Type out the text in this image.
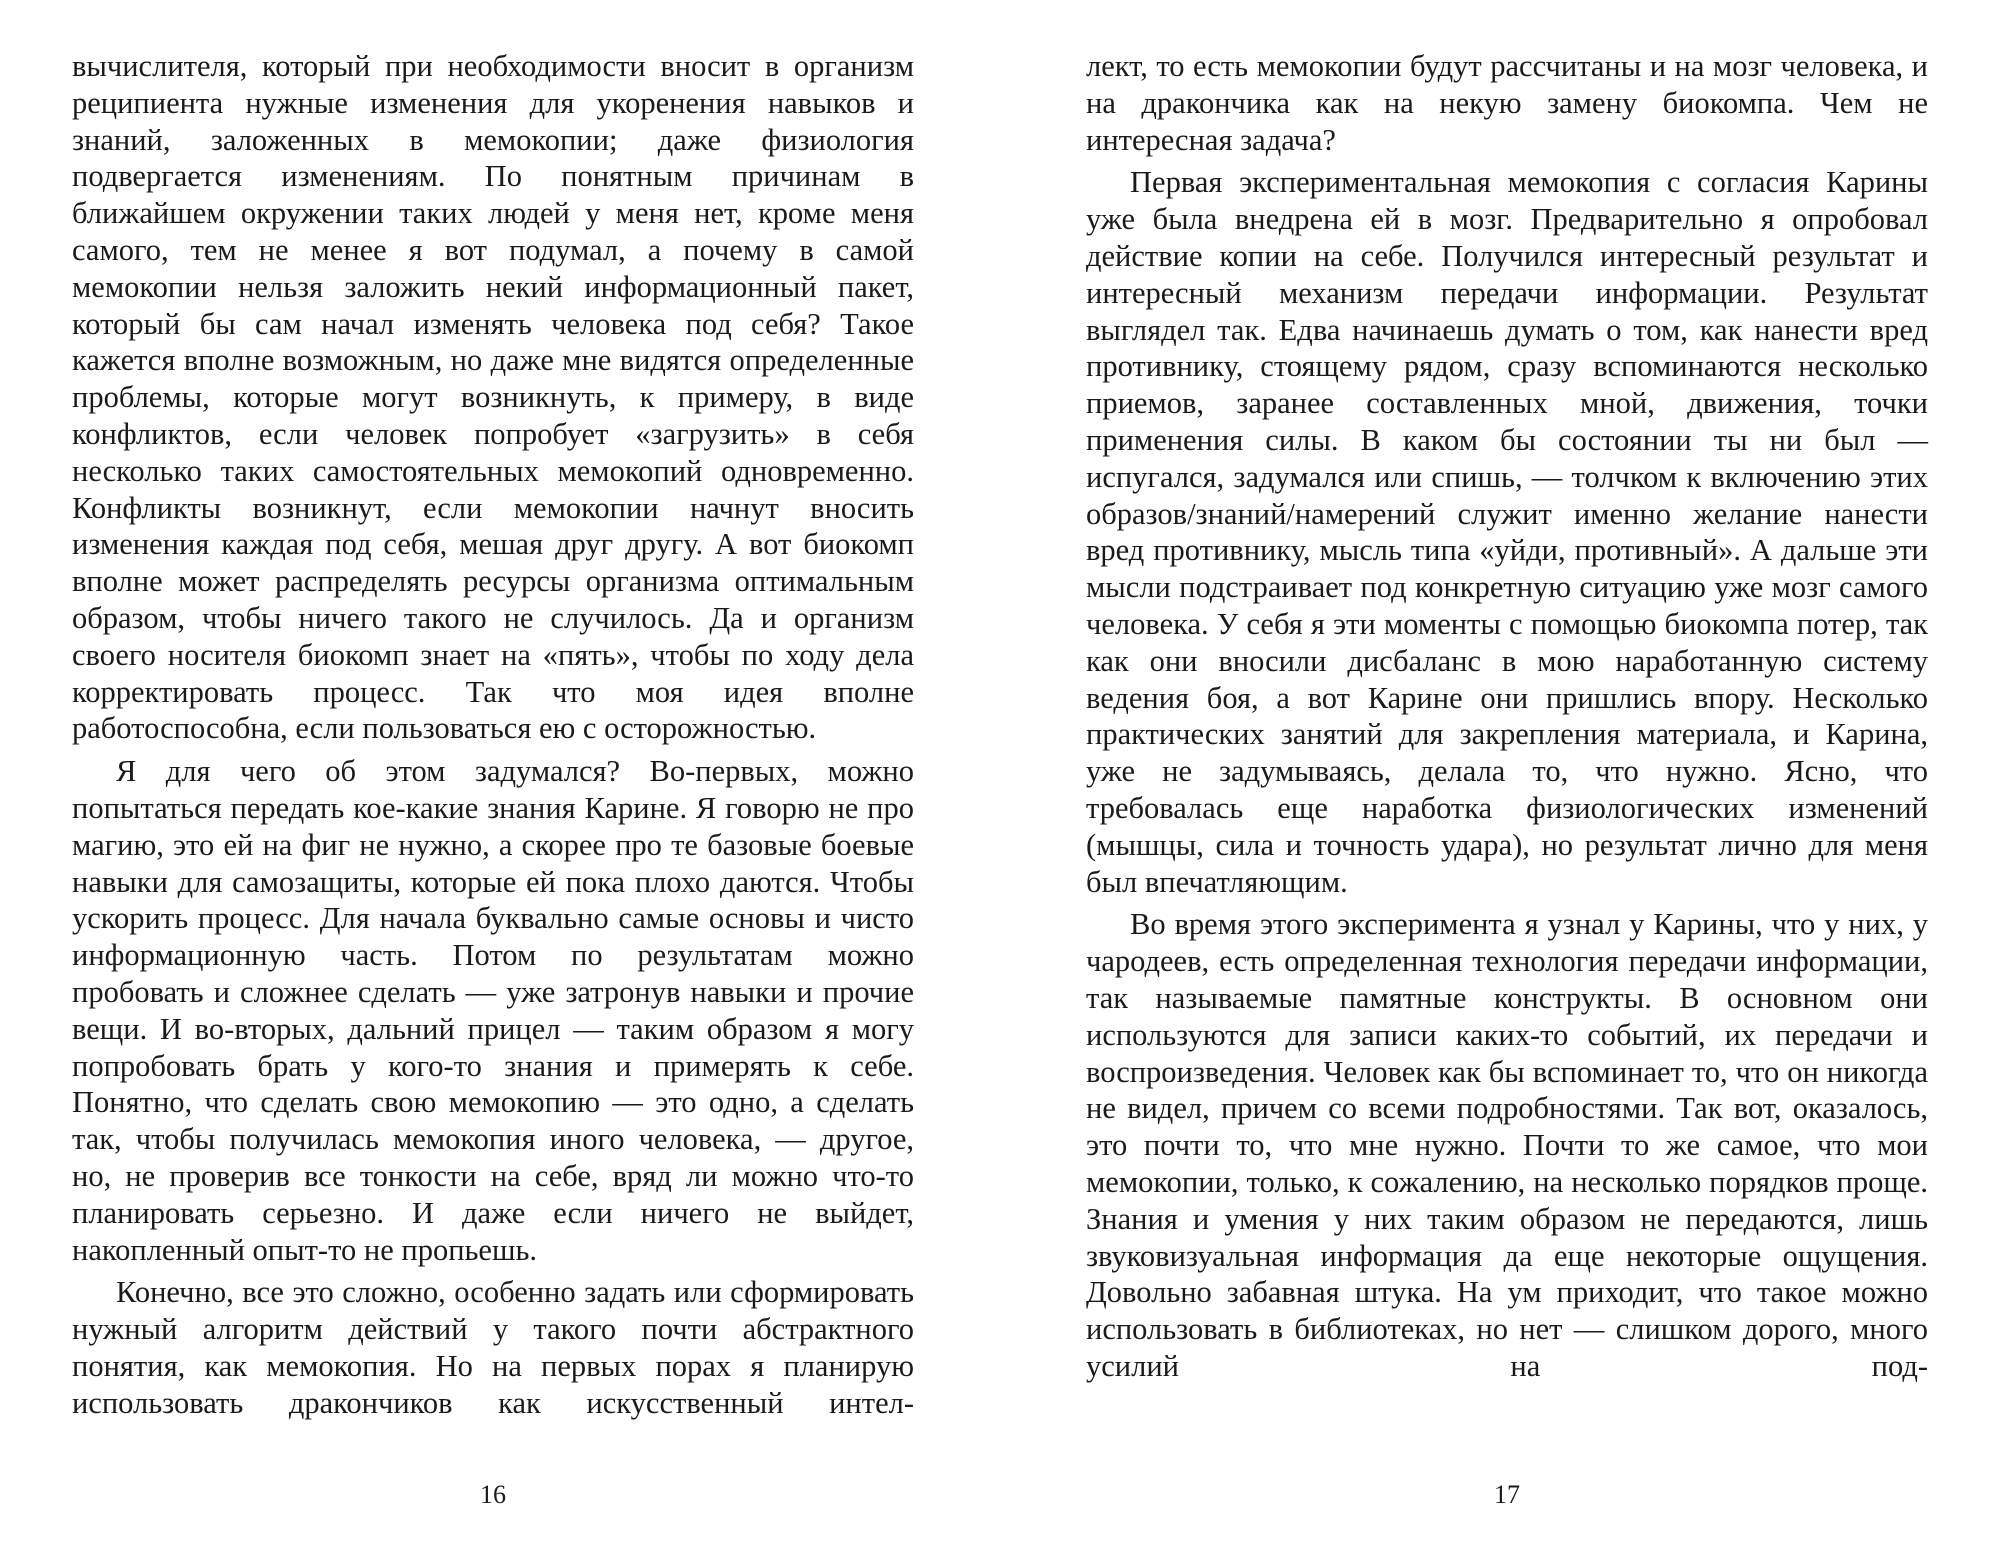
вычислителя, который при необходимости вносит в организм реципиента нужные изменения для укоренения навыков и знаний, заложенных в мемокопии; даже физиология подвергается изменениям. По понятным причинам в ближайшем окружении таких людей у меня нет, кроме меня самого, тем не менее я вот подумал, а почему в самой мемокопии нельзя заложить некий информационный пакет, который бы сам начал изменять человека под себя? Такое кажется вполне возможным, но даже мне видятся определенные проблемы, которые могут возникнуть, к примеру, в виде конфликтов, если человек попробует «загрузить» в себя несколько таких самостоятельных мемокопий одновременно. Конфликты возникнут, если мемокопии начнут вносить изменения каждая под себя, мешая друг другу. А вот биокомп вполне может распределять ресурсы организма оптимальным образом, чтобы ничего такого не случилось. Да и организм своего носителя биокомп знает на «пять», чтобы по ходу дела корректировать процесс. Так что моя идея вполне работоспособна, если пользоваться ею с осторожностью.

Я для чего об этом задумался? Во-первых, можно попытаться передать кое-какие знания Карине. Я говорю не про магию, это ей на фиг не нужно, а скорее про те базовые боевые навыки для самозащиты, которые ей пока плохо даются. Чтобы ускорить процесс. Для начала буквально самые основы и чисто информационную часть. Потом по результатам можно пробовать и сложнее сделать — уже затронув навыки и прочие вещи. И во-вторых, дальний прицел — таким образом я могу попробовать брать у кого-то знания и примерять к себе. Понятно, что сделать свою мемокопию — это одно, а сделать так, чтобы получилась мемокопия иного человека, — другое, но, не проверив все тонкости на себе, вряд ли можно что-то планировать серьезно. И даже если ничего не выйдет, накопленный опыт-то не пропьешь.

Конечно, все это сложно, особенно задать или сформировать нужный алгоритм действий у такого почти абстрактного понятия, как мемокопия. Но на первых порах я планирую использовать дракончиков как искусственный интел-

16

лект, то есть мемокопии будут рассчитаны и на мозг человека, и на дракончика как на некую замену биокомпа. Чем не интересная задача?

Первая экспериментальная мемокопия с согласия Карины уже была внедрена ей в мозг. Предварительно я опробовал действие копии на себе. Получился интересный результат и интересный механизм передачи информации. Результат выглядел так. Едва начинаешь думать о том, как нанести вред противнику, стоящему рядом, сразу вспоминаются несколько приемов, заранее составленных мной, движения, точки применения силы. В каком бы состоянии ты ни был — испугался, задумался или спишь, — толчком к включению этих образов/знаний/намерений служит именно желание нанести вред противнику, мысль типа «уйди, противный». А дальше эти мысли подстраивает под конкретную ситуацию уже мозг самого человека. У себя я эти моменты с помощью биокомпа потер, так как они вносили дисбаланс в мою наработанную систему ведения боя, а вот Карине они пришлись впору. Несколько практических занятий для закрепления материала, и Карина, уже не задумываясь, делала то, что нужно. Ясно, что требовалась еще наработка физиологических изменений (мышцы, сила и точность удара), но результат лично для меня был впечатляющим.

Во время этого эксперимента я узнал у Карины, что у них, у чародеев, есть определенная технология передачи информации, так называемые памятные конструкты. В основном они используются для записи каких-то событий, их передачи и воспроизведения. Человек как бы вспоминает то, что он никогда не видел, причем со всеми подробностями. Так вот, оказалось, это почти то, что мне нужно. Почти то же самое, что мои мемокопии, только, к сожалению, на несколько порядков проще. Знания и умения у них таким образом не передаются, лишь звуковизуальная информация да еще некоторые ощущения. Довольно забавная штука. На ум приходит, что такое можно использовать в библиотеках, но нет — слишком дорого, много усилий на под-

17
